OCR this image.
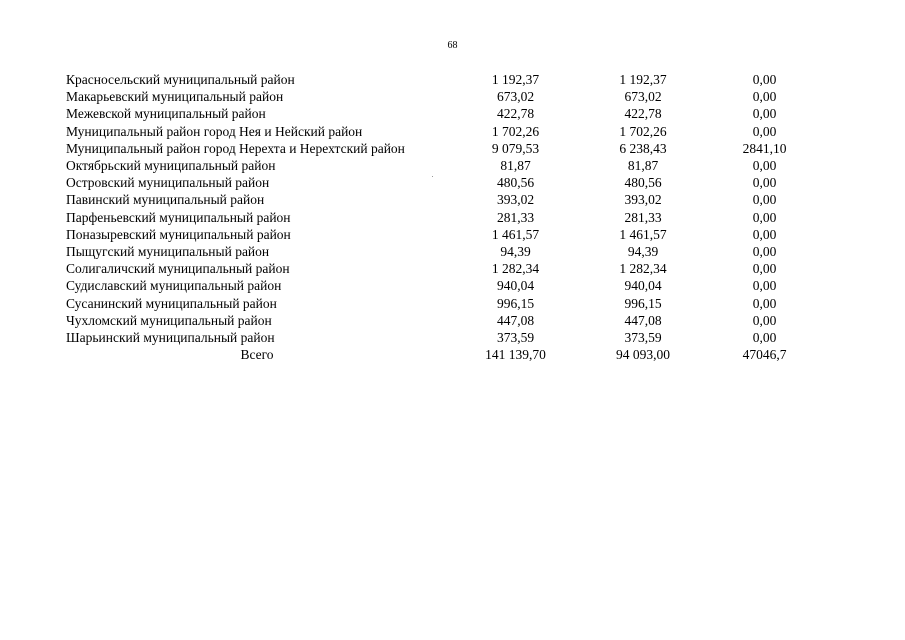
68
Красносельский муниципальный район	1 192,37	1 192,37	0,00
Макарьевский муниципальный район	673,02	673,02	0,00
Межевской муниципальный район	422,78	422,78	0,00
Муниципальный район город Нея и Нейский район	1 702,26	1 702,26	0,00
Муниципальный район город Нерехта и Нерехтский район	9 079,53	6 238,43	2841,10
Октябрьский муниципальный район	81,87	81,87	0,00
Островский муниципальный район	480,56	480,56	0,00
Павинский муниципальный район	393,02	393,02	0,00
Парфеньевский муниципальный район	281,33	281,33	0,00
Поназыревский муниципальный район	1 461,57	1 461,57	0,00
Пыщугский муниципальный район	94,39	94,39	0,00
Солигаличский муниципальный район	1 282,34	1 282,34	0,00
Судиславский муниципальный район	940,04	940,04	0,00
Сусанинский муниципальный район	996,15	996,15	0,00
Чухломский муниципальный район	447,08	447,08	0,00
Шарьинский муниципальный район	373,59	373,59	0,00
Всего	141 139,70	94 093,00	47046,7
